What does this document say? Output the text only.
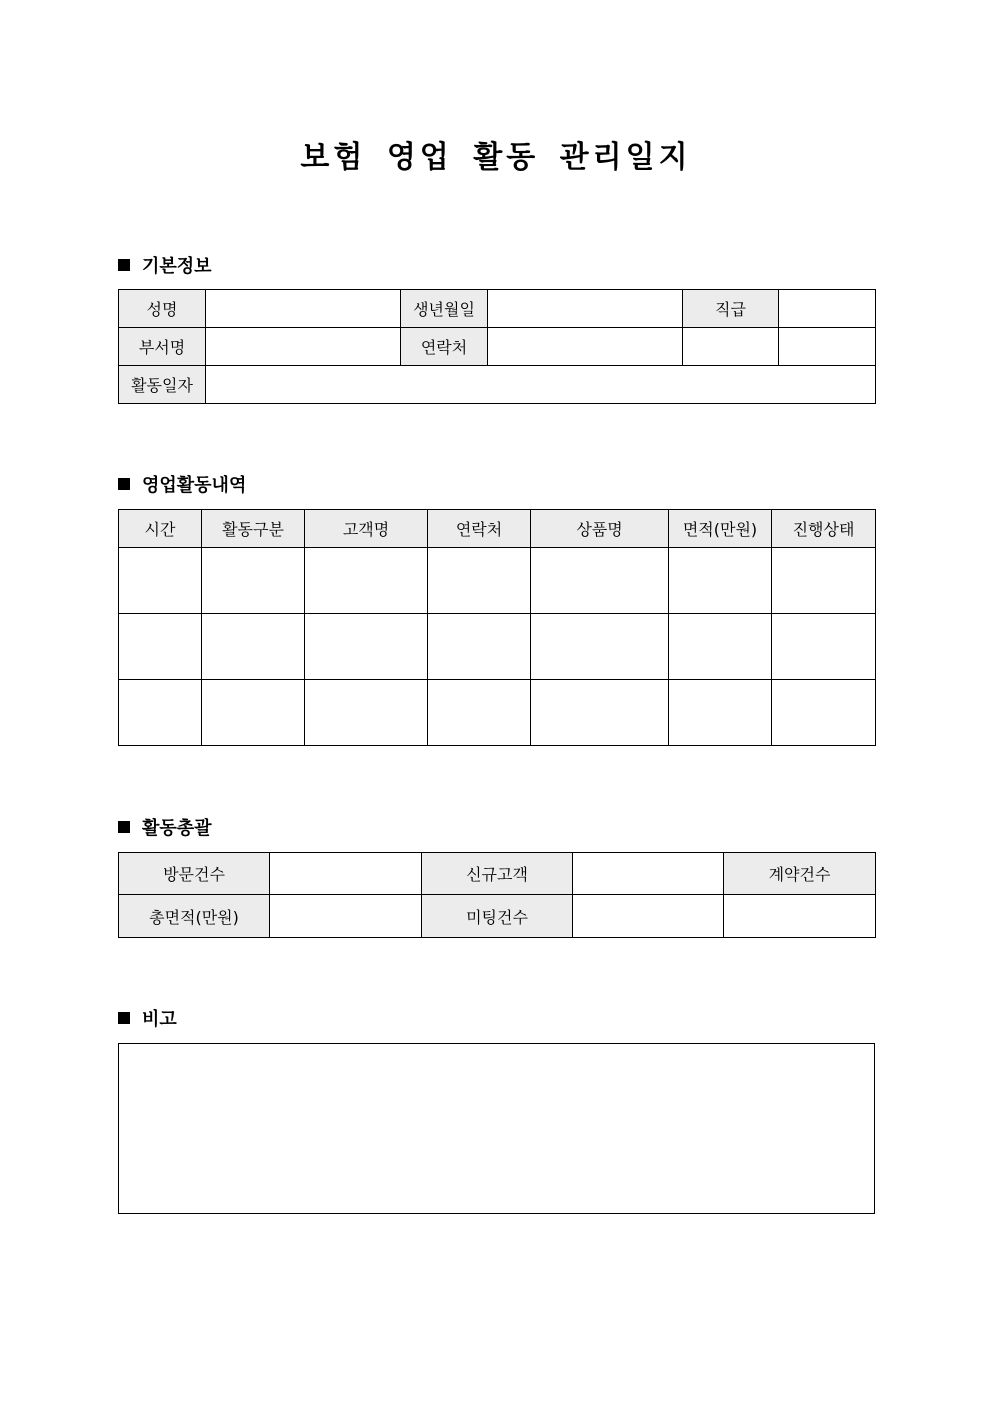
보험 영업 활동 관리일지
기본정보
성명		생년월일		직급	
부서명		연락처			
활동일자					
영업활동내역
시간	활동구분	고객명	연락처	상품명	면적(만원)	진행상태

활동총괄
방문건수		신규고객		계약건수
총면적(만원)		미팅건수		
비고
